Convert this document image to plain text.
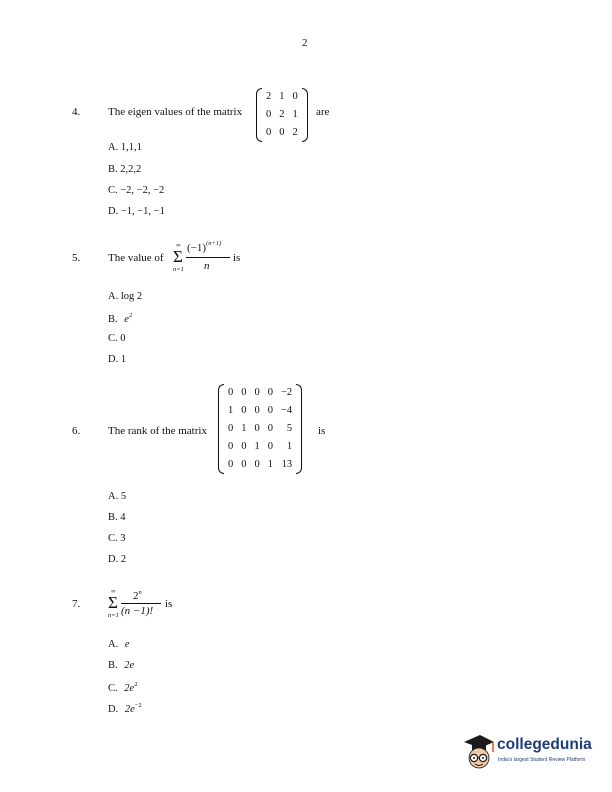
2
4.	The eigen values of the matrix
2	1	0
0	2	1
0	0	2
are
A. 1,1,1
B. 2,2,2
C. −2, −2, −2
D. −1, −1, −1
5.	The value of
∞
Σ
n=1
$(-1)^{(n+1)}$
n
is
A. log 2
B. $e^2$
C. 0
D. 1
6.	The rank of the matrix
0	0	0	0	−2
1	0	0	0	−4
0	1	0	0	5
0	0	1	0	1
0	0	0	1	13
is
A. 5
B. 4
C. 3
D. 2
7.
∞
Σ
n=1
2$^n$
(n −1)!
is
A. e
B. 2e
C. $2e^2$
D. $2e^{-2}$
collegedunia
India's largest Student Review Platform
